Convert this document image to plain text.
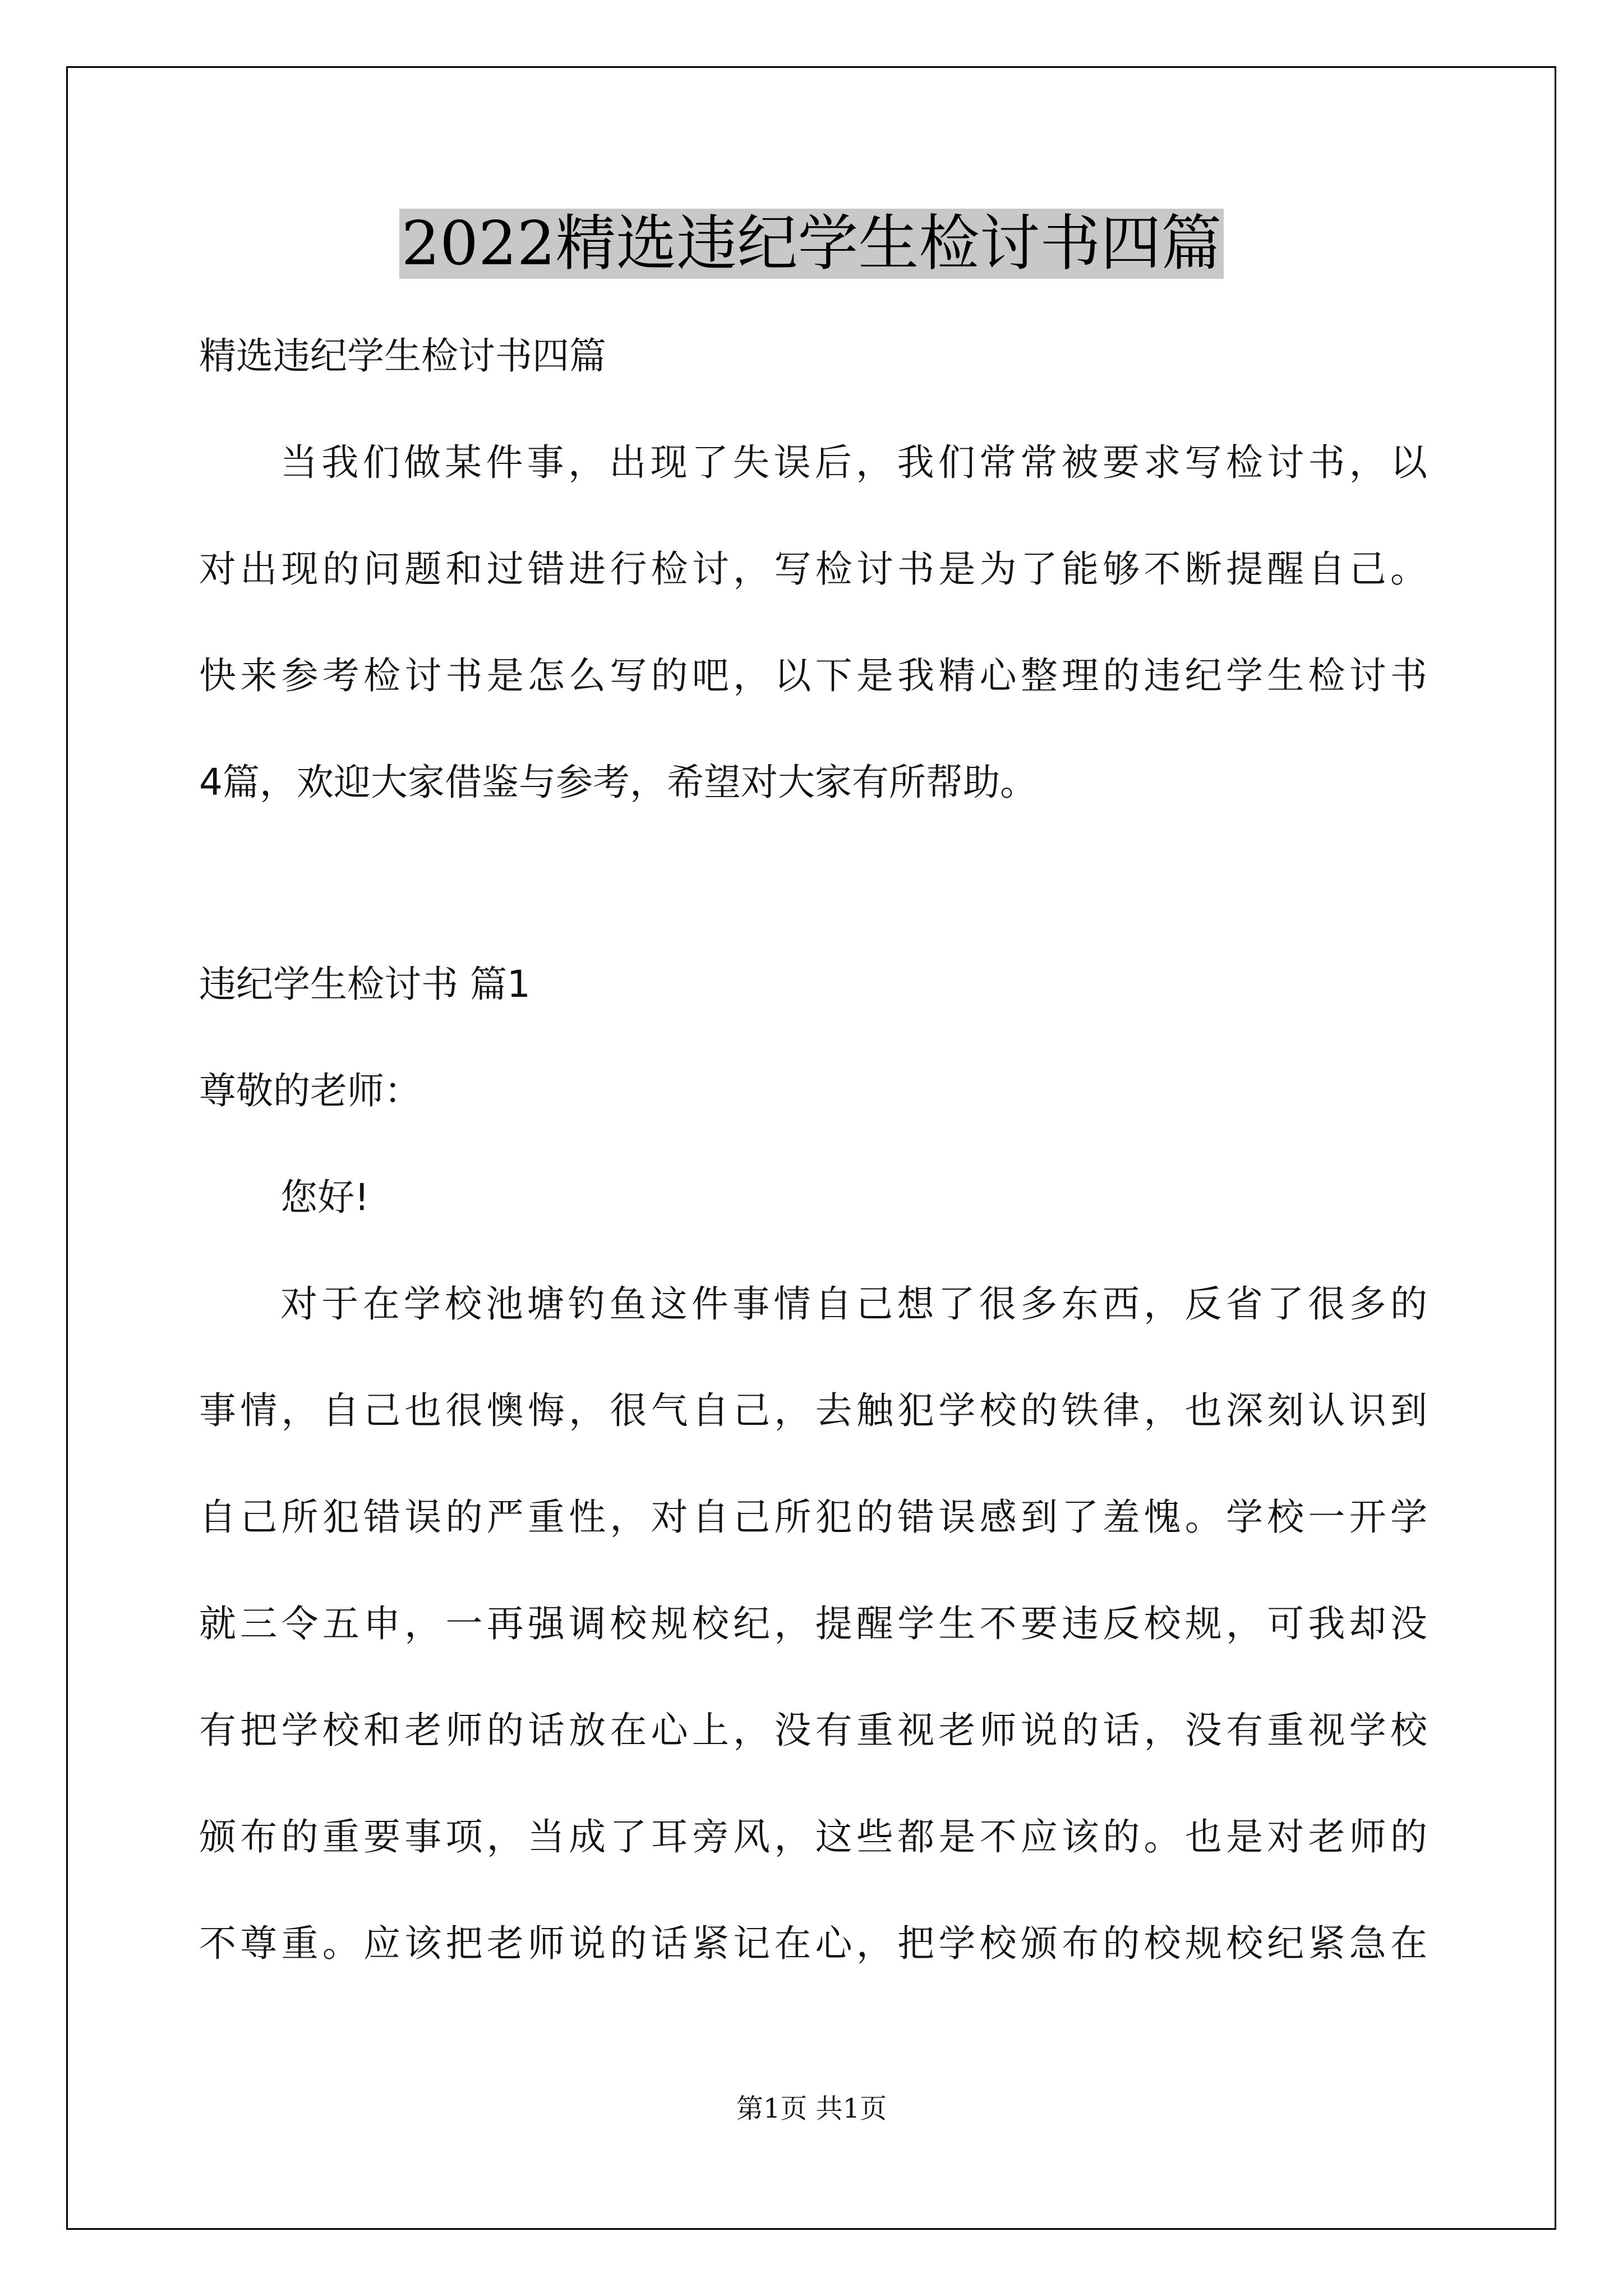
2022精选违纪学生检讨书四篇
精选违纪学生检讨书四篇
当我们做某件事，出现了失误后，我们常常被要求写检讨书，以
对出现的问题和过错进行检讨，写检讨书是为了能够不断提醒自己。
快来参考检讨书是怎么写的吧，以下是我精心整理的违纪学生检讨书
4篇，欢迎大家借鉴与参考，希望对大家有所帮助。
违纪学生检讨书 篇1
尊敬的老师：
您好!
对于在学校池塘钓鱼这件事情自己想了很多东西，反省了很多的
事情，自己也很懊悔，很气自己，去触犯学校的铁律，也深刻认识到
自己所犯错误的严重性，对自己所犯的错误感到了羞愧。学校一开学
就三令五申，一再强调校规校纪，提醒学生不要违反校规，可我却没
有把学校和老师的话放在心上，没有重视老师说的话，没有重视学校
颁布的重要事项，当成了耳旁风，这些都是不应该的。也是对老师的
不尊重。应该把老师说的话紧记在心，把学校颁布的校规校纪紧急在
第1页 共1页
